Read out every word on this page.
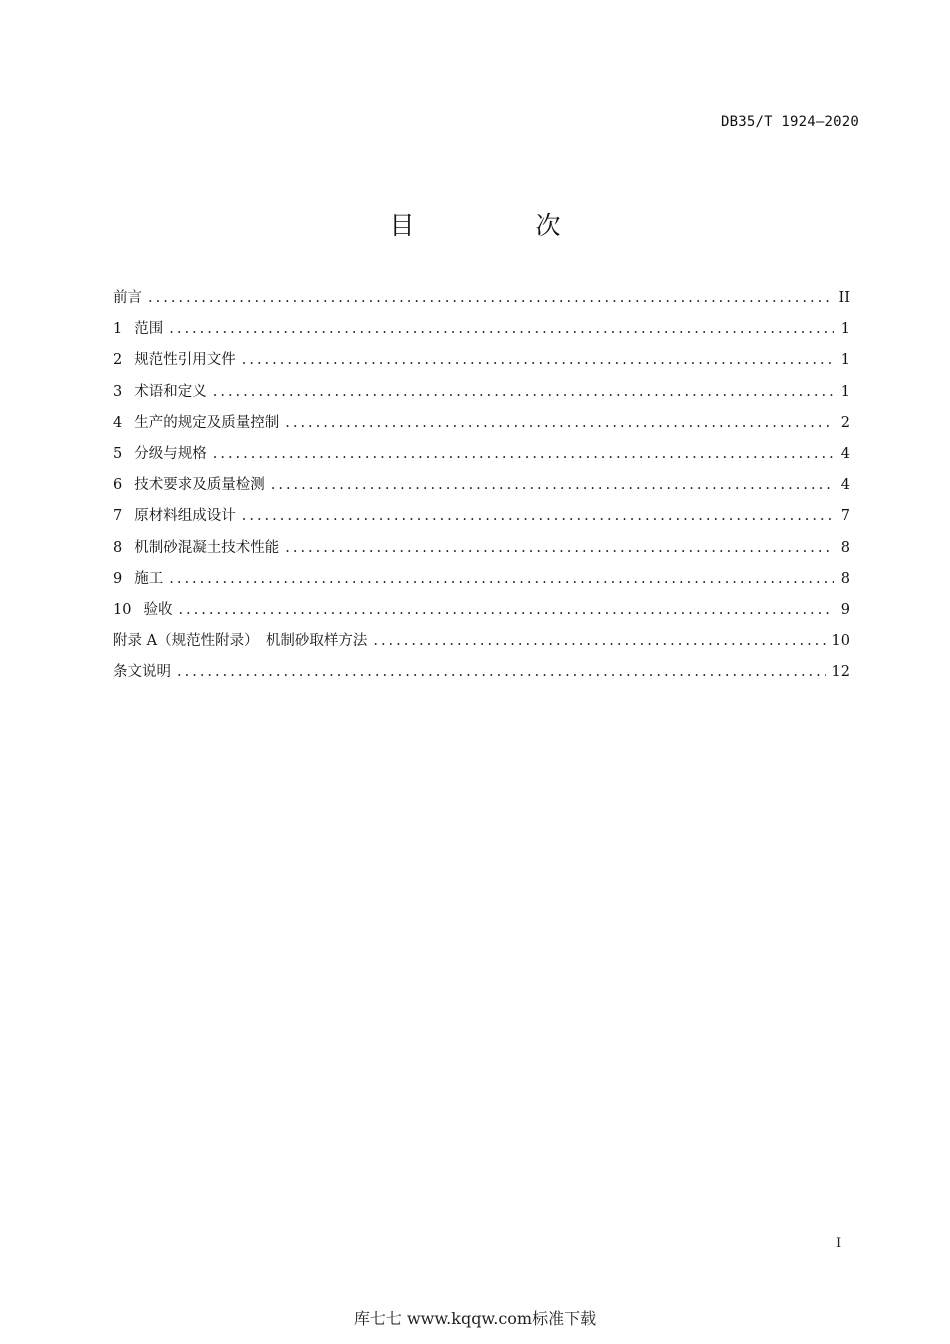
DB35/T 1924—2020
目　次
前言 .....	II
1 范围 .....	1
2 规范性引用文件 .....	1
3 术语和定义 .....	1
4 生产的规定及质量控制 .....	2
5 分级与规格 .....	4
6 技术要求及质量检测 .....	4
7 原材料组成设计 .....	7
8 机制砂混凝土技术性能 .....	8
9 施工 .....	8
10 验收 .....	9
附录 A（规范性附录）　机制砂取样方法 .....	10
条文说明 .....	12
I
库七七 www.kqqw.com标准下载
